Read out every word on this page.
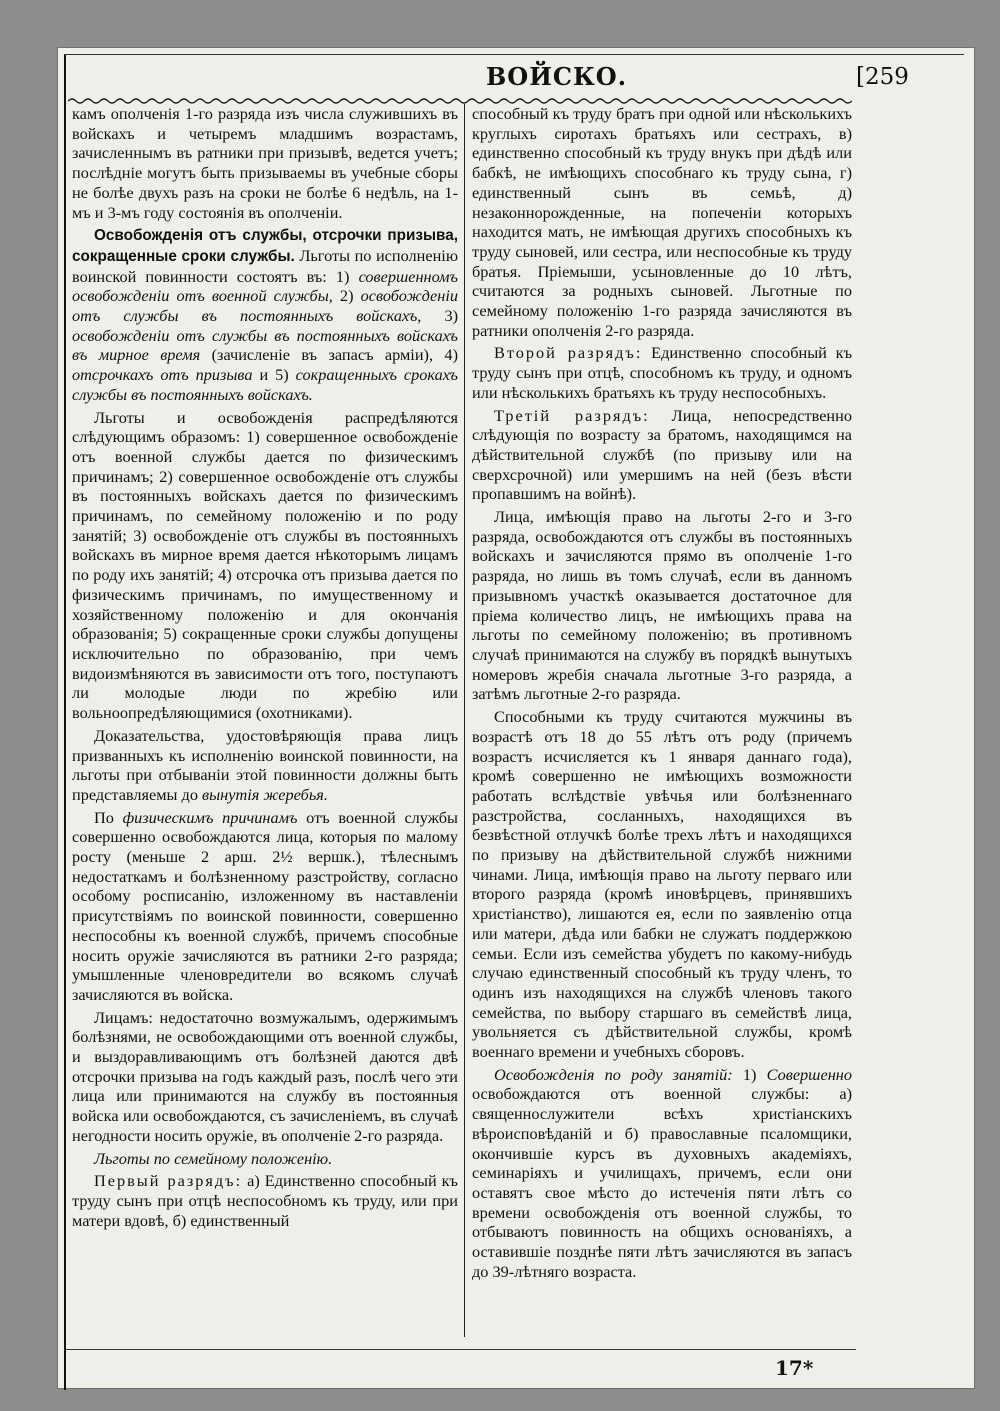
ВОЙСКО.	[259

камъ ополченія 1-го разряда изъ числа служившихъ въ войскахъ и четыремъ младшимъ возрастамъ, зачисленнымъ въ ратники при призывѣ, ведется учетъ; послѣдніе могутъ быть призываемы въ учебные сборы не болѣе двухъ разъ на сроки не болѣе 6 недѣль, на 1-мъ и 3-мъ году состоянія въ ополченіи.

Освобожденія отъ службы, отсрочки призыва, сокращенные сроки службы. Льготы по исполненію воинской повинности состоятъ въ: 1) совершенномъ освобожденіи отъ военной службы, 2) освобожденіи отъ службы въ постоянныхъ войскахъ, 3) освобожденіи отъ службы въ постоянныхъ войскахъ въ мирное время (зачисленіе въ запасъ арміи), 4) отсрочкахъ отъ призыва и 5) сокращенныхъ срокахъ службы въ постоянныхъ войскахъ.

Льготы и освобожденія распредѣляются слѣдующимъ образомъ: 1) совершенное освобожденіе отъ военной службы дается по физическимъ причинамъ; 2) совершенное освобожденіе отъ службы въ постоянныхъ войскахъ дается по физическимъ причинамъ, по семейному положенію и по роду занятій; 3) освобожденіе отъ службы въ постоянныхъ войскахъ въ мирное время дается нѣкоторымъ лицамъ по роду ихъ занятій; 4) отсрочка отъ призыва дается по физическимъ причинамъ, по имущественному и хозяйственному положенію и для окончанія образованія; 5) сокращенные сроки службы допущены исключительно по образованію, при чемъ видоизмѣняются въ зависимости отъ того, поступаютъ ли молодые люди по жребію или вольноопредѣляющимися (охотниками).

Доказательства, удостовѣряющія права лицъ призванныхъ къ исполненію воинской повинности, на льготы при отбываніи этой повинности должны быть представляемы до вынутія жеребья.

По физическимъ причинамъ отъ военной службы совершенно освобождаются лица, которыя по малому росту (меньше 2 арш. 2½ вершк.), тѣлеснымъ недостаткамъ и болѣзненному разстройству, согласно особому росписанію, изложенному въ наставленіи присутствіямъ по воинской повинности, совершенно неспособны къ военной службѣ, причемъ способные носить оружіе зачисляются въ ратники 2-го разряда; умышленные членовредители во всякомъ случаѣ зачисляются въ войска.

Лицамъ: недостаточно возмужалымъ, одержимымъ болѣзнями, не освобождающими отъ военной службы, и выздоравливающимъ отъ болѣзней даются двѣ отсрочки призыва на годъ каждый разъ, послѣ чего эти лица или принимаются на службу въ постоянныя войска или освобождаются, съ зачисленіемъ, въ случаѣ негодности носить оружіе, въ ополченіе 2-го разряда.

Льготы по семейному положенію.

Первый разрядъ: а) Единственно способный къ труду сынъ при отцѣ неспособномъ къ труду, или при матери вдовѣ, б) единственный

способный къ труду братъ при одной или нѣсколькихъ круглыхъ сиротахъ братьяхъ или сестрахъ, в) единственно способный къ труду внукъ при дѣдѣ или бабкѣ, не имѣющихъ способнаго къ труду сына, г) единственный сынъ въ семьѣ, д) незаконнорожденные, на попеченіи которыхъ находится мать, не имѣющая другихъ способныхъ къ труду сыновей, или сестра, или неспособные къ труду братья. Пріемыши, усыновленные до 10 лѣтъ, считаются за родныхъ сыновей. Льготные по семейному положенію 1-го разряда зачисляются въ ратники ополченія 2-го разряда.

Второй разрядъ: Единственно способный къ труду сынъ при отцѣ, способномъ къ труду, и одномъ или нѣсколькихъ братьяхъ къ труду неспособныхъ.

Третій разрядъ: Лица, непосредственно слѣдующія по возрасту за братомъ, находящимся на дѣйствительной службѣ (по призыву или на сверхсрочной) или умершимъ на ней (безъ вѣсти пропавшимъ на войнѣ).

Лица, имѣющія право на льготы 2-го и 3-го разряда, освобождаются отъ службы въ постоянныхъ войскахъ и зачисляются прямо въ ополченіе 1-го разряда, но лишь въ томъ случаѣ, если въ данномъ призывномъ участкѣ оказывается достаточное для пріема количество лицъ, не имѣющихъ права на льготы по семейному положенію; въ противномъ случаѣ принимаются на службу въ порядкѣ вынутыхъ номеровъ жребія сначала льготные 3-го разряда, а затѣмъ льготные 2-го разряда.

Способными къ труду считаются мужчины въ возрастѣ отъ 18 до 55 лѣтъ отъ роду (причемъ возрастъ исчисляется къ 1 января даннаго года), кромѣ совершенно не имѣющихъ возможности работать вслѣдствіе увѣчья или болѣзненнаго разстройства, сосланныхъ, находящихся въ безвѣстной отлучкѣ болѣе трехъ лѣтъ и находящихся по призыву на дѣйствительной службѣ нижними чинами. Лица, имѣющія право на льготу перваго или второго разряда (кромѣ иновѣрцевъ, принявшихъ христіанство), лишаются ея, если по заявленію отца или матери, дѣда или бабки не служатъ поддержкою семьи. Если изъ семейства убудетъ по какому-нибудь случаю единственный способный къ труду членъ, то одинъ изъ находящихся на службѣ членовъ такого семейства, по выбору старшаго въ семействѣ лица, увольняется съ дѣйствительной службы, кромѣ военнаго времени и учебныхъ сборовъ.

Освобожденія по роду занятій: 1) Совершенно освобождаются отъ военной службы: а) священнослужители всѣхъ христіанскихъ вѣроисповѣданій и б) православные псаломщики, окончившіе курсъ въ духовныхъ академіяхъ, семинаріяхъ и училищахъ, причемъ, если они оставятъ свое мѣсто до истеченія пяти лѣтъ со времени освобожденія отъ военной службы, то отбываютъ повинность на общихъ основаніяхъ, а оставившіе позднѣе пяти лѣтъ зачисляются въ запасъ до 39-лѣтняго возраста.

17*
